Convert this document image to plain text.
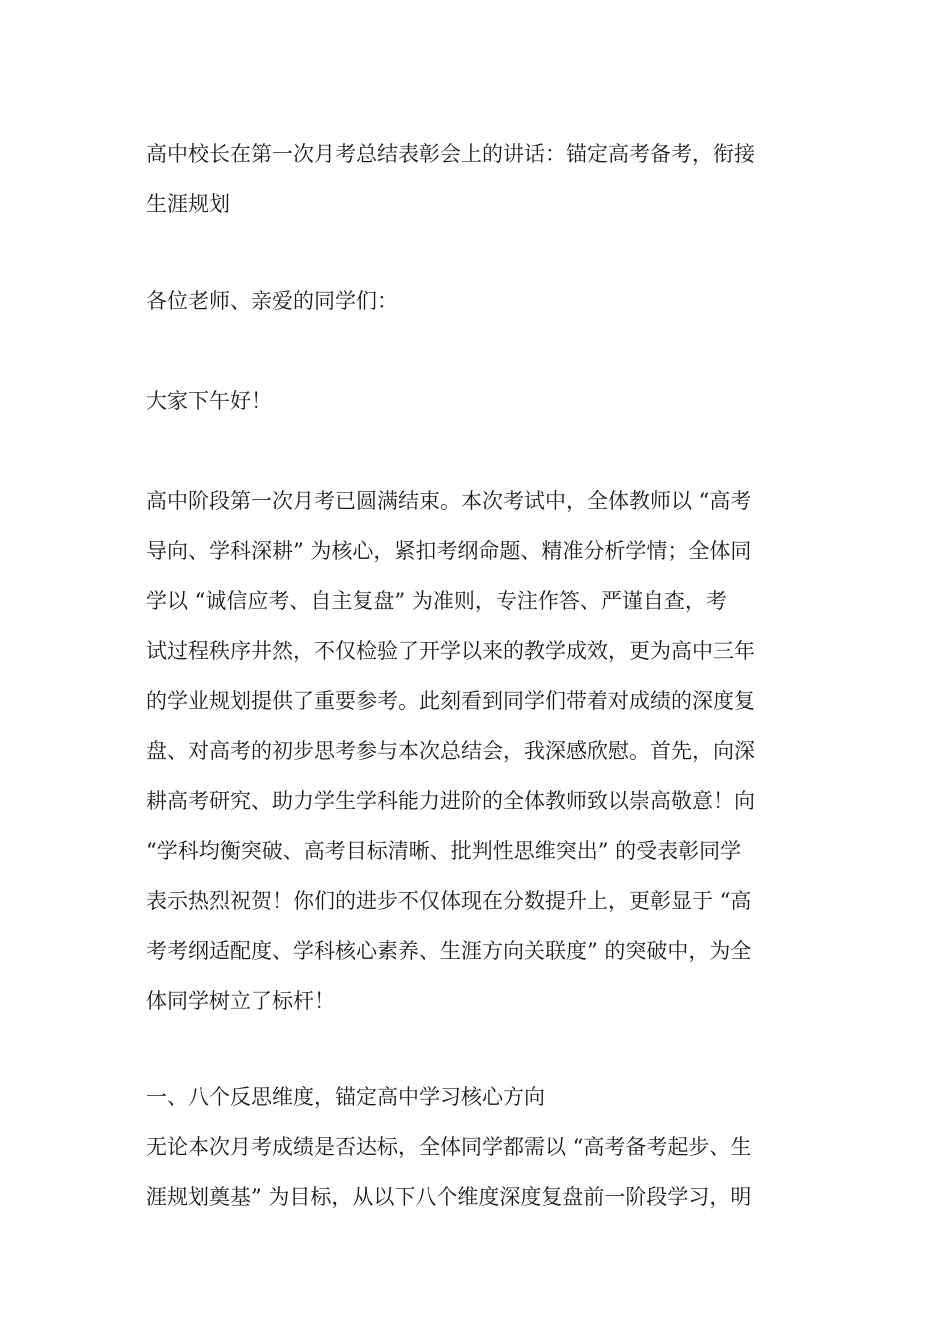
高中校长在第一次月考总结表彰会上的讲话：锚定高考备考，衔接
生涯规划
各位老师、亲爱的同学们：
大家下午好！
高中阶段第一次月考已圆满结束。本次考试中，全体教师以 “高考
导向、学科深耕” 为核心，紧扣考纲命题、精准分析学情；全体同
学以 “诚信应考、自主复盘” 为准则，专注作答、严谨自查，考
试过程秩序井然，不仅检验了开学以来的教学成效，更为高中三年
的学业规划提供了重要参考。此刻看到同学们带着对成绩的深度复
盘、对高考的初步思考参与本次总结会，我深感欣慰。首先，向深
耕高考研究、助力学生学科能力进阶的全体教师致以崇高敬意！向
“学科均衡突破、高考目标清晰、批判性思维突出” 的受表彰同学
表示热烈祝贺！你们的进步不仅体现在分数提升上，更彰显于 “高
考考纲适配度、学科核心素养、生涯方向关联度” 的突破中，为全
体同学树立了标杆！
一、八个反思维度，锚定高中学习核心方向
无论本次月考成绩是否达标，全体同学都需以 “高考备考起步、生
涯规划奠基” 为目标，从以下八个维度深度复盘前一阶段学习，明
